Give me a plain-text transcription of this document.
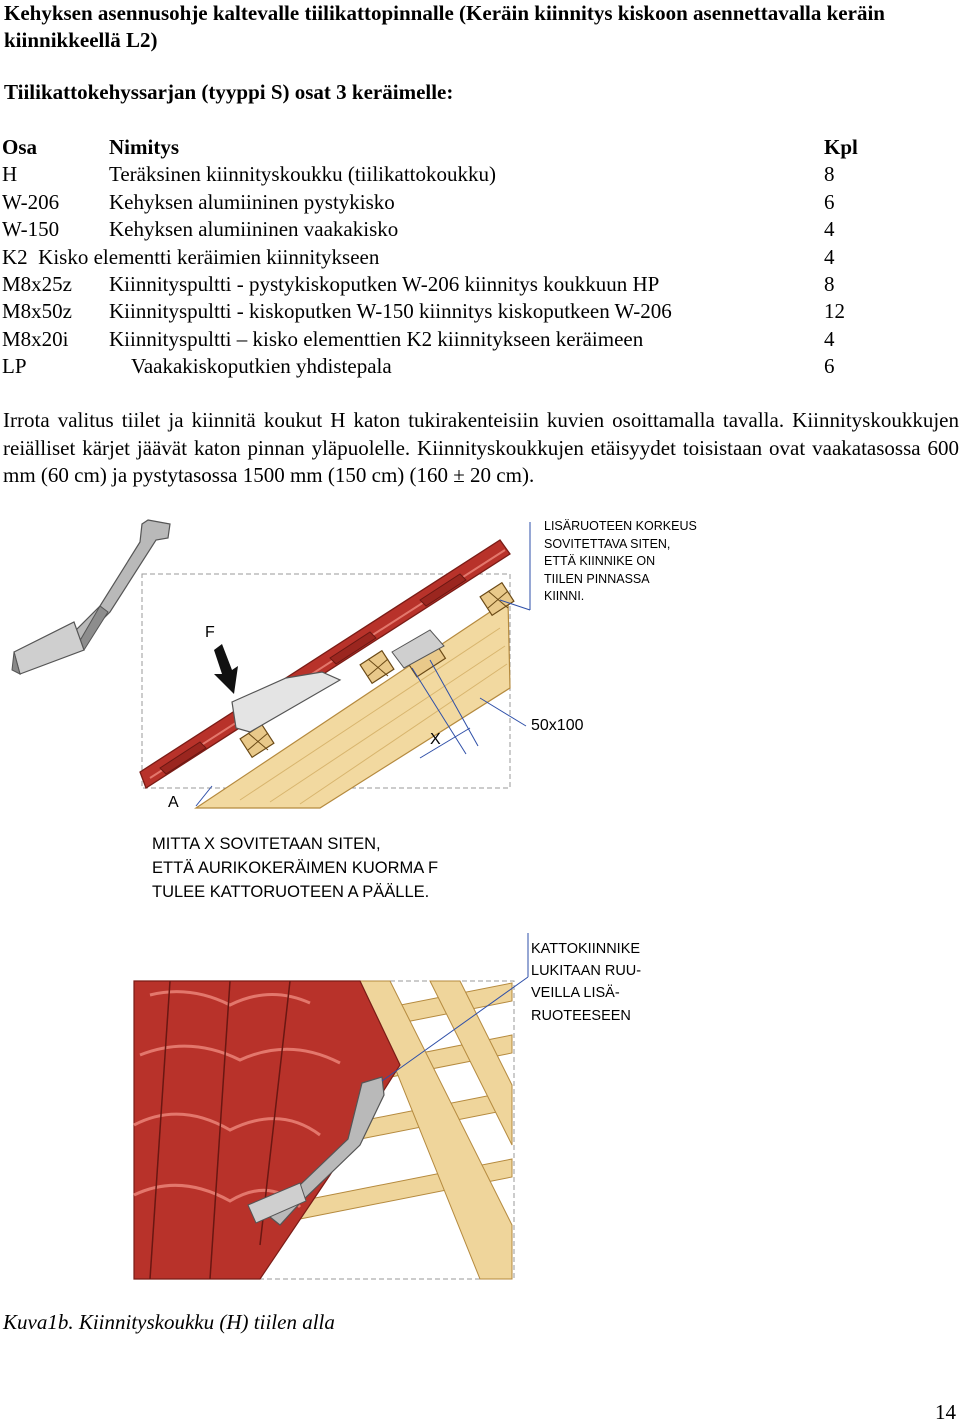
Kehyksen asennusohje kaltevalle tiilikattopinnalle (Keräin kiinnitys kiskoon asennettavalla keräin kiinnikkeellä L2)
Tiilikattokehyssarjan (tyyppi S) osat 3 keräimelle:
Osa	Nimitys	Kpl
H	Teräksinen kiinnityskoukku (tiilikattokoukku)	8
W-206	Kehyksen alumiininen pystykisko	6
W-150	Kehyksen alumiininen vaakakisko	4
K2 Kisko elementti keräimien kiinnitykseen		4
M8x25z	Kiinnityspultti - pystykiskoputken W-206 kiinnitys koukkuun HP	8
M8x50z	Kiinnityspultti - kiskoputken W-150 kiinnitys kiskoputkeen W-206	12
M8x20i	Kiinnityspultti – kisko elementtien K2 kiinnitykseen keräimeen	4
LP	Vaakakiskoputkien yhdistepala	6
Irrota valitus tiilet ja kiinnitä koukut H katon tukirakenteisiin kuvien osoittamalla tavalla. Kiinnityskoukkujen reiälliset kärjet jäävät katon pinnan yläpuolelle. Kiinnityskoukkujen etäisyydet toisistaan ovat vaakatasossa 600 mm (60 cm) ja pystytasossa 1500 mm (150 cm) (160 ± 20 cm).
LISÄRUOTEEN KORKEUS
SOVITETTAVA SITEN,
ETTÄ KIINNIKE ON
TIILEN PINNASSA
KIINNI.
F
A
X
50x100
MITTA X SOVITETAAN SITEN,
ETTÄ AURIKOKERÄIMEN KUORMA F
TULEE KATTORUOTEEN A PÄÄLLE.
KATTOKIINNIKE
LUKITAAN RUU-
VEILLA LISÄ-
RUOTEESEEN
Kuva1b. Kiinnityskoukku (H) tiilen alla
14
